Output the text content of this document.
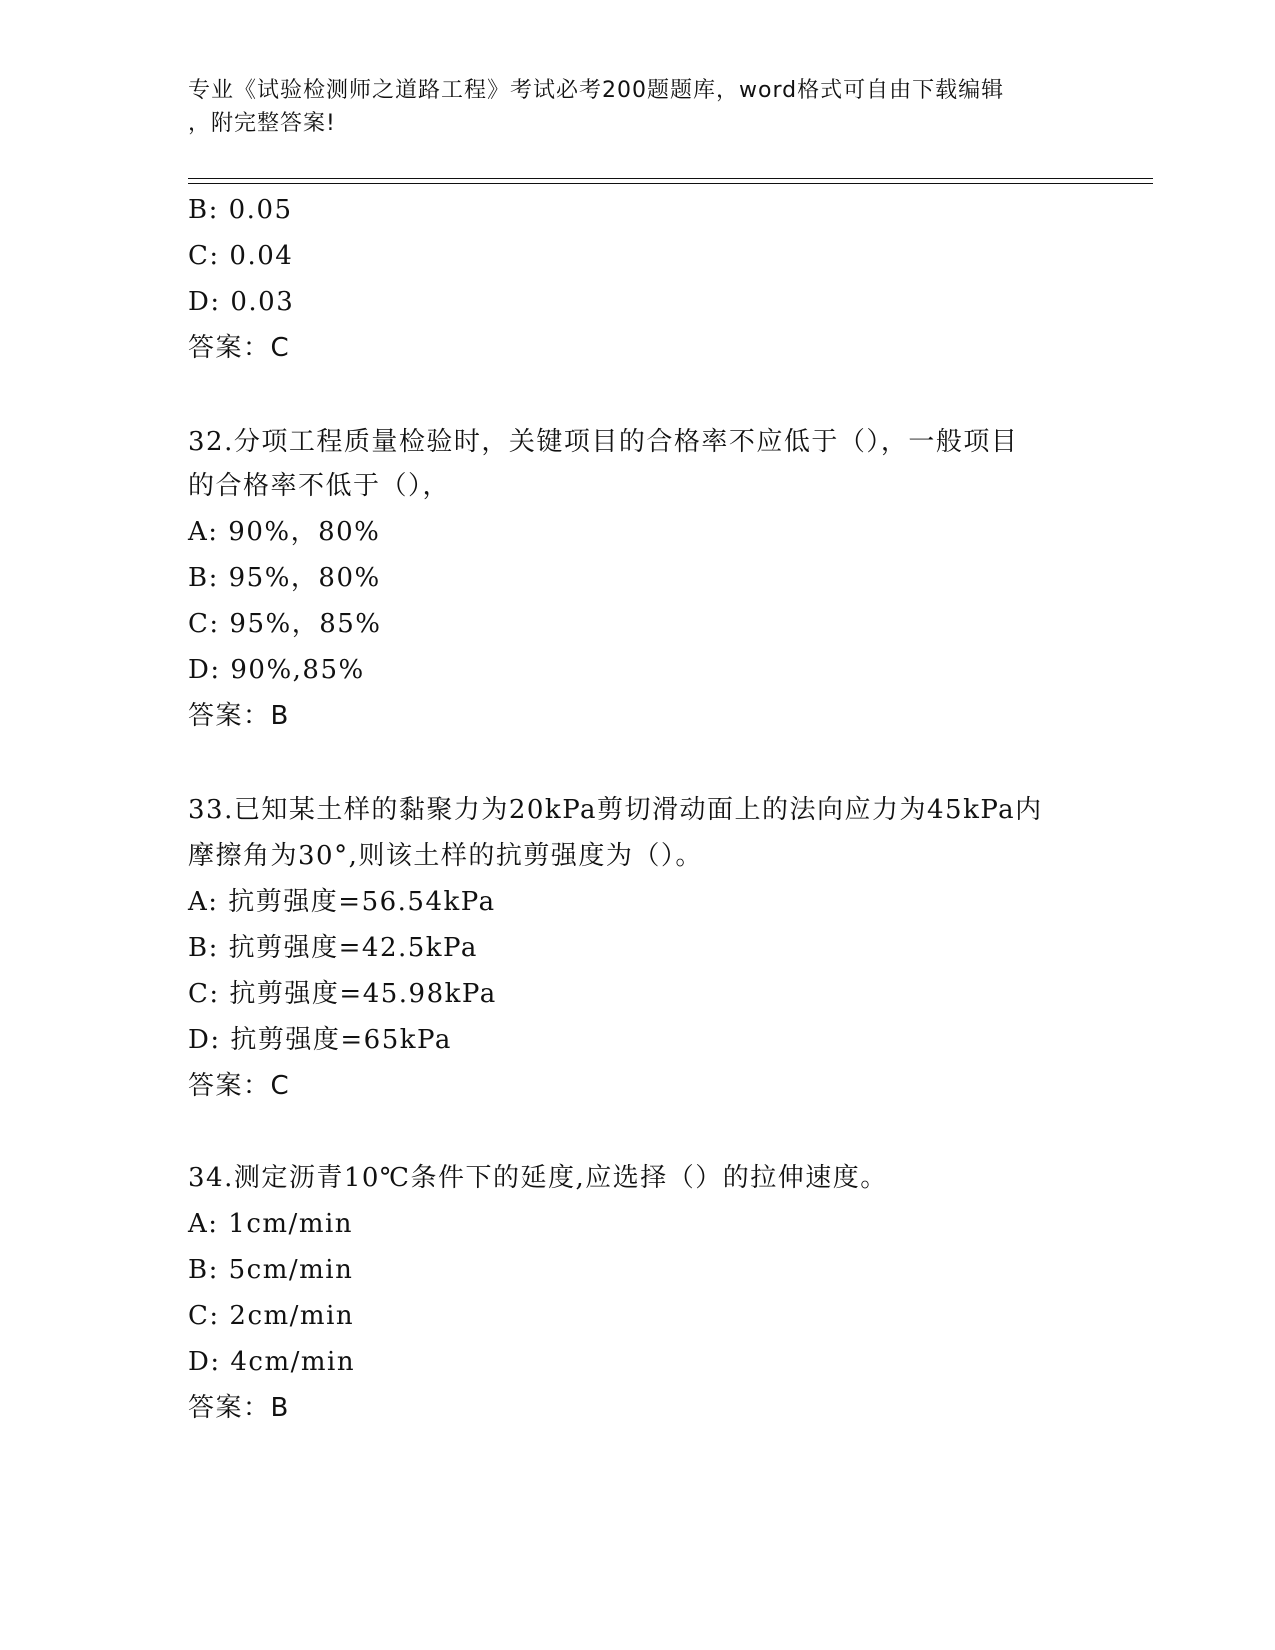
专业《试验检测师之道路工程》考试必考200题题库，word格式可自由下载编辑
，附完整答案!
B: 0.05
C: 0.04
D: 0.03
答案：C
32.分项工程质量检验时，关键项目的合格率不应低于（），一般项目
的合格率不低于（），
A: 90%，80%
B: 95%，80%
C: 95%，85%
D: 90%,85%
答案：B
33.已知某土样的黏聚力为20kPa剪切滑动面上的法向应力为45kPa内
摩擦角为30°,则该土样的抗剪强度为（）。
A: 抗剪强度=56.54kPa
B: 抗剪强度=42.5kPa
C: 抗剪强度=45.98kPa
D: 抗剪强度=65kPa
答案：C
34.测定沥青10℃条件下的延度,应选择（）的拉伸速度。
A: 1cm/min
B: 5cm/min
C: 2cm/min
D: 4cm/min
答案：B
